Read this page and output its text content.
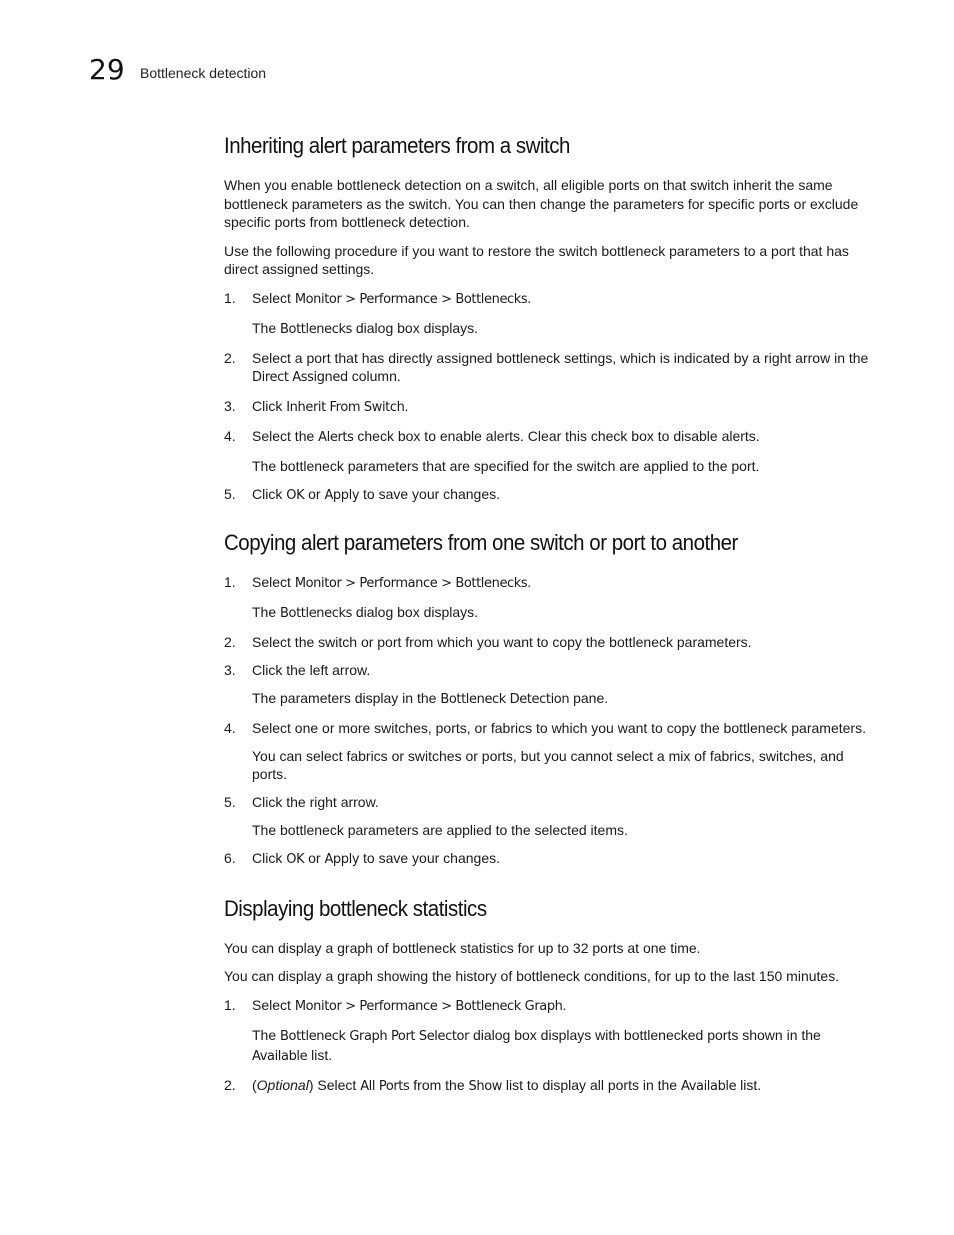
29 Bottleneck detection
Inheriting alert parameters from a switch

When you enable bottleneck detection on a switch, all eligible ports on that switch inherit the same bottleneck parameters as the switch. You can then change the parameters for specific ports or exclude specific ports from bottleneck detection.

Use the following procedure if you want to restore the switch bottleneck parameters to a port that has direct assigned settings.

1. Select Monitor > Performance > Bottlenecks.
The Bottlenecks dialog box displays.
2. Select a port that has directly assigned bottleneck settings, which is indicated by a right arrow in the Direct Assigned column.
3. Click Inherit From Switch.
4. Select the Alerts check box to enable alerts. Clear this check box to disable alerts.
The bottleneck parameters that are specified for the switch are applied to the port.
5. Click OK or Apply to save your changes.
Copying alert parameters from one switch or port to another
1. Select Monitor > Performance > Bottlenecks.
The Bottlenecks dialog box displays.
2. Select the switch or port from which you want to copy the bottleneck parameters.
3. Click the left arrow.
The parameters display in the Bottleneck Detection pane.
4. Select one or more switches, ports, or fabrics to which you want to copy the bottleneck parameters.
You can select fabrics or switches or ports, but you cannot select a mix of fabrics, switches, and ports.
5. Click the right arrow.
The bottleneck parameters are applied to the selected items.
6. Click OK or Apply to save your changes.
Displaying bottleneck statistics

You can display a graph of bottleneck statistics for up to 32 ports at one time.

You can display a graph showing the history of bottleneck conditions, for up to the last 150 minutes.

1. Select Monitor > Performance > Bottleneck Graph.
The Bottleneck Graph Port Selector dialog box displays with bottlenecked ports shown in the Available list.
2. (Optional) Select All Ports from the Show list to display all ports in the Available list.
